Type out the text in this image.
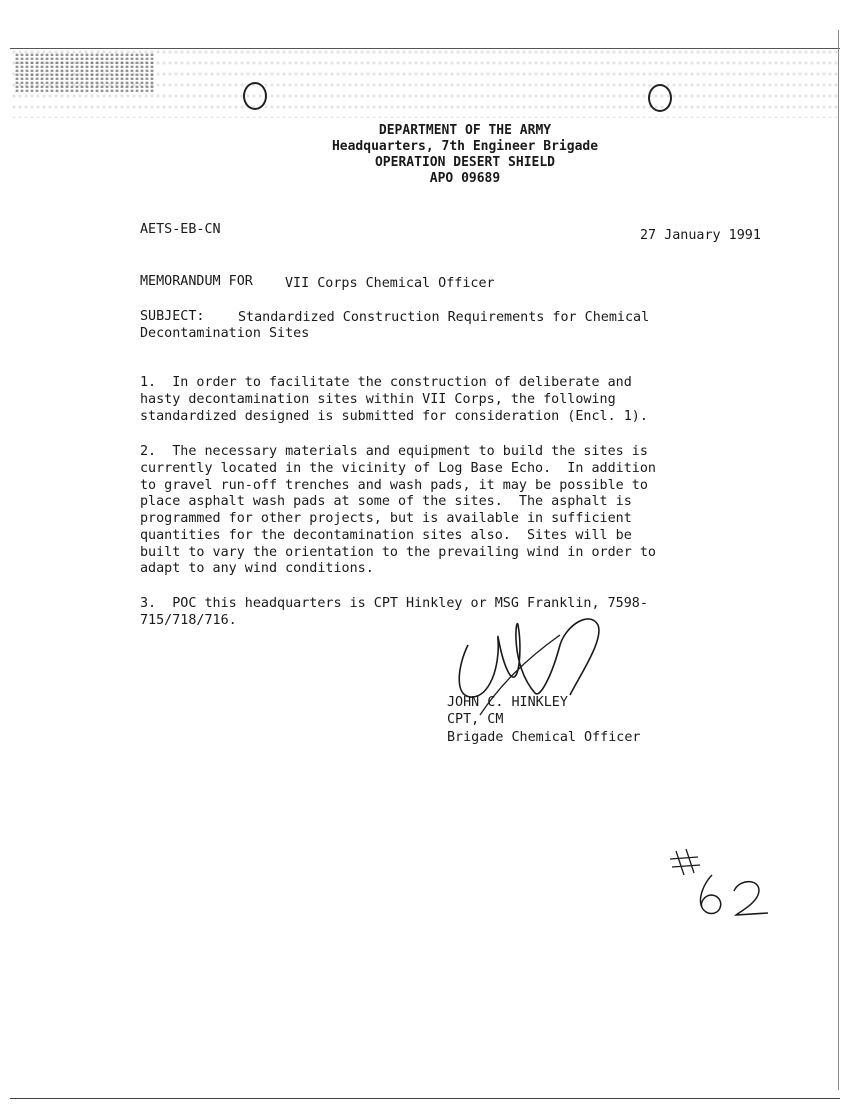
DEPARTMENT OF THE ARMY
Headquarters, 7th Engineer Brigade
OPERATION DESERT SHIELD
APO 09689
AETS-EB-CN	27 January 1991
MEMORANDUM FOR VII Corps Chemical Officer
SUBJECT:	Standardized Construction Requirements for Chemical
Decontamination Sites
1.  In order to facilitate the construction of deliberate and
hasty decontamination sites within VII Corps, the following
standardized designed is submitted for consideration (Encl. 1).
2.  The necessary materials and equipment to build the sites is
currently located in the vicinity of Log Base Echo.  In addition
to gravel run-off trenches and wash pads, it may be possible to
place asphalt wash pads at some of the sites.  The asphalt is
programmed for other projects, but is available in sufficient
quantities for the decontamination sites also.  Sites will be
built to vary the orientation to the prevailing wind in order to
adapt to any wind conditions.
3.  POC this headquarters is CPT Hinkley or MSG Franklin, 7598-
715/718/716.
JOHN C. HINKLEY
CPT, CM
Brigade Chemical Officer
